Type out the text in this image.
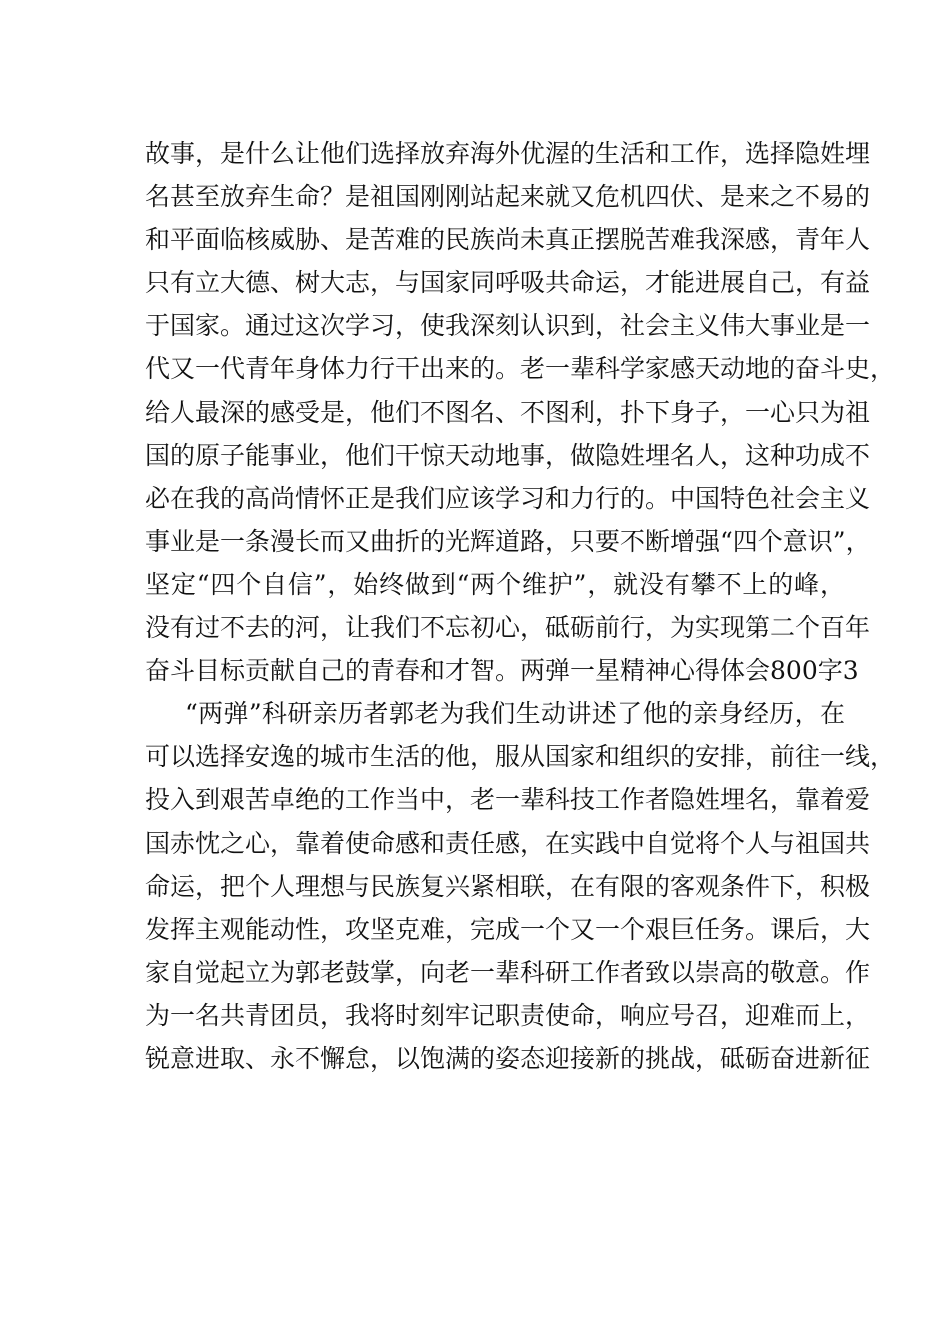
故事，是什么让他们选择放弃海外优渥的生活和工作，选择隐姓埋
名甚至放弃生命？是祖国刚刚站起来就又危机四伏、是来之不易的
和平面临核威胁、是苦难的民族尚未真正摆脱苦难我深感，青年人
只有立大德、树大志，与国家同呼吸共命运，才能进展自己，有益
于国家。通过这次学习，使我深刻认识到，社会主义伟大事业是一
代又一代青年身体力行干出来的。老一辈科学家感天动地的奋斗史，
给人最深的感受是，他们不图名、不图利，扑下身子，一心只为祖
国的原子能事业，他们干惊天动地事，做隐姓埋名人，这种功成不
必在我的高尚情怀正是我们应该学习和力行的。中国特色社会主义
事业是一条漫长而又曲折的光辉道路，只要不断增强“四个意识”，
坚定“四个自信”，始终做到“两个维护”，就没有攀不上的峰，
没有过不去的河，让我们不忘初心，砥砺前行，为实现第二个百年
奋斗目标贡献自己的青春和才智。两弹一星精神心得体会800字3
“两弹”科研亲历者郭老为我们生动讲述了他的亲身经历，在
可以选择安逸的城市生活的他，服从国家和组织的安排，前往一线，
投入到艰苦卓绝的工作当中，老一辈科技工作者隐姓埋名，靠着爱
国赤忱之心，靠着使命感和责任感，在实践中自觉将个人与祖国共
命运，把个人理想与民族复兴紧相联，在有限的客观条件下，积极
发挥主观能动性，攻坚克难，完成一个又一个艰巨任务。课后，大
家自觉起立为郭老鼓掌，向老一辈科研工作者致以崇高的敬意。作
为一名共青团员，我将时刻牢记职责使命，响应号召，迎难而上，
锐意进取、永不懈怠，以饱满的姿态迎接新的挑战，砥砺奋进新征
